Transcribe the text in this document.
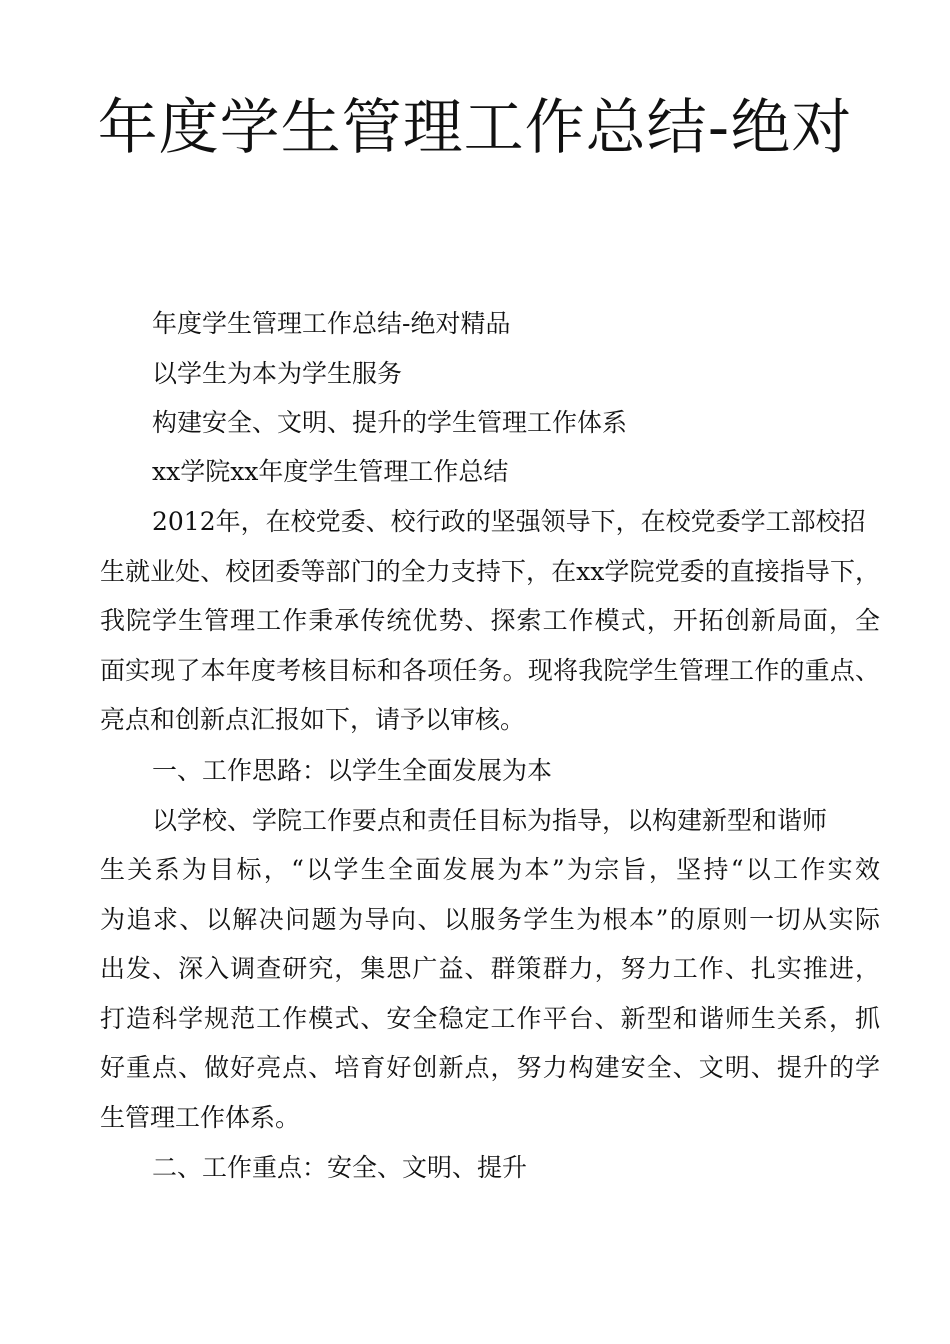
年度学生管理工作总结-绝对
年度学生管理工作总结-绝对精品
以学生为本为学生服务
构建安全、文明、提升的学生管理工作体系
xx学院xx年度学生管理工作总结
2012年，在校党委、校行政的坚强领导下，在校党委学工部校招
生就业处、校团委等部门的全力支持下，在xx学院党委的直接指导下，
我院学生管理工作秉承传统优势、探索工作模式，开拓创新局面，全
面实现了本年度考核目标和各项任务。现将我院学生管理工作的重点、
亮点和创新点汇报如下，请予以审核。
一、工作思路：以学生全面发展为本
以学校、学院工作要点和责任目标为指导，以构建新型和谐师
生关系为目标，“以学生全面发展为本”为宗旨，坚持“以工作实效
为追求、以解决问题为导向、以服务学生为根本”的原则一切从实际
出发、深入调查研究，集思广益、群策群力，努力工作、扎实推进，
打造科学规范工作模式、安全稳定工作平台、新型和谐师生关系，抓
好重点、做好亮点、培育好创新点，努力构建安全、文明、提升的学
生管理工作体系。
二、工作重点：安全、文明、提升
